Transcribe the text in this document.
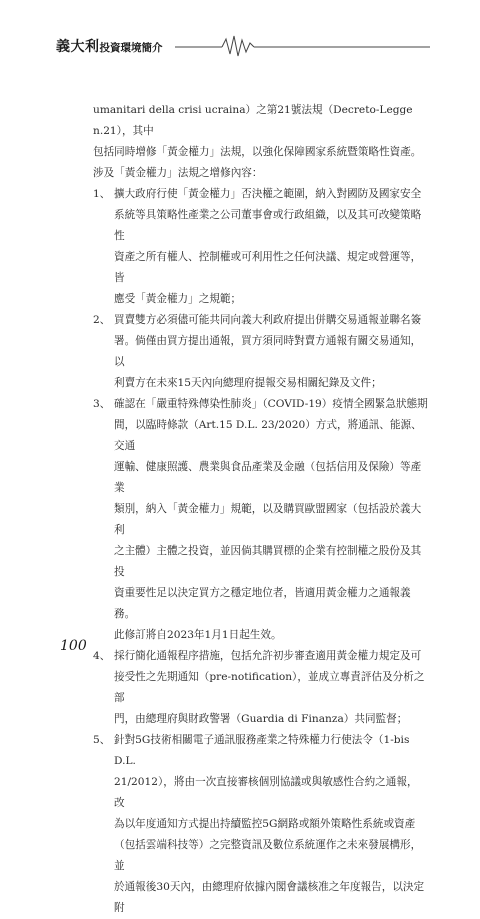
義大利投資環境簡介

umanitari della crisi ucraina）之第21號法規（Decreto-Legge n.21），其中

包括同時增修「黃金權力」法規，以強化保障國家系統暨策略性資產。

涉及「黃金權力」法規之增修內容：

1、 擴大政府行使「黃金權力」否決權之範圍，納入對國防及國家安全
系統等具策略性產業之公司董事會或行政組織，以及其可改變策略性
資產之所有權人、控制權或可利用性之任何決議、規定或營運等，皆
應受「黃金權力」之規範；
2、 買賣雙方必須儘可能共同向義大利政府提出併購交易通報並聯名簽
署。倘僅由買方提出通報，買方須同時對賣方通報有關交易通知，以
利賣方在未來15天內向總理府提報交易相關紀錄及文件；
3、 確認在「嚴重特殊傳染性肺炎」（COVID-19）疫情全國緊急狀態期
間，以臨時條款（Art.15 D.L. 23/2020）方式，將通訊、能源、交通
運輸、健康照護、農業與食品產業及金融（包括信用及保險）等產業
類別，納入「黃金權力」規範，以及購買歐盟國家（包括設於義大利
之主體）主體之投資，並因倘其購買標的企業有控制權之股份及其投
資重要性足以決定買方之穩定地位者，皆適用黃金權力之通報義務。
此修訂將自2023年1月1日起生效。
4、 採行簡化通報程序措施，包括允許初步審查適用黃金權力規定及可
接受性之先期通知（pre-notification），並成立專責評估及分析之部
門，由總理府與財政警署（Guardia di Finanza）共同監督；
5、 針對5G技術相關電子通訊服務產業之特殊權力行使法令（1-bis D.L.
21/2012），將由一次直接審核個別協議或與敏感性合約之通報，改
為以年度通知方式提出持續監控5G網路或額外策略性系統或資產
（包括雲端科技等）之完整資訊及數位系統運作之未來發展構形，並
於通報後30天內，由總理府依據內閣會議核准之年度報告，以決定附
100
